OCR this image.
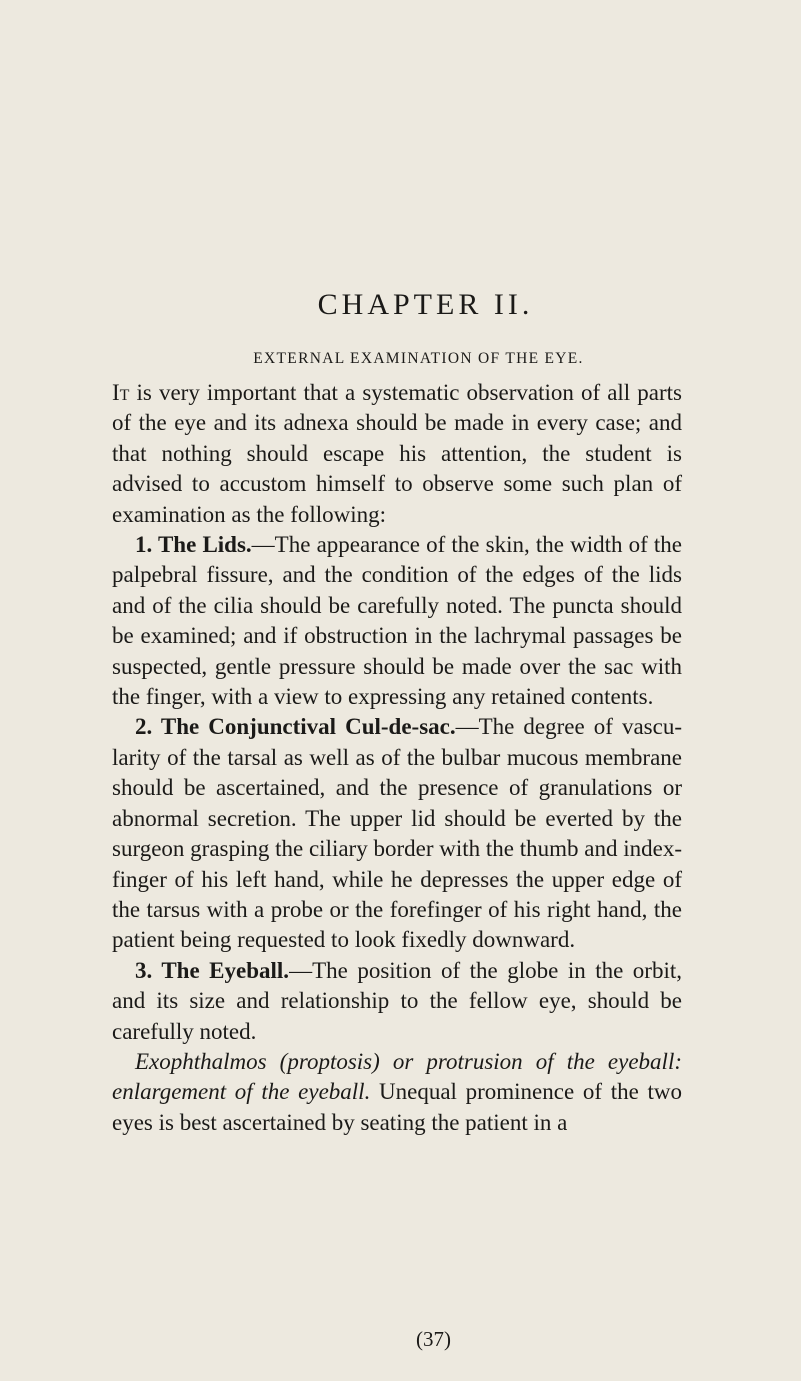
CHAPTER II.
EXTERNAL EXAMINATION OF THE EYE.

It is very important that a systematic observation of all parts of the eye and its adnexa should be made in every case; and that nothing should escape his attention, the student is advised to accustom himself to observe some such plan of examination as the following:

1. The Lids.—The appearance of the skin, the width of the palpebral fissure, and the condition of the edges of the lids and of the cilia should be carefully noted. The puncta should be examined; and if obstruction in the lachrymal passages be suspected, gentle pressure should be made over the sac with the finger, with a view to expressing any retained contents.

2. The Conjunctival Cul-de-sac.—The degree of vascularity of the tarsal as well as of the bulbar mucous membrane should be ascertained, and the presence of granulations or abnormal secretion. The upper lid should be everted by the surgeon grasping the ciliary border with the thumb and index-finger of his left hand, while he depresses the upper edge of the tarsus with a probe or the forefinger of his right hand, the patient being requested to look fixedly downward.

3. The Eyeball.—The position of the globe in the orbit, and its size and relationship to the fellow eye, should be carefully noted.

Exophthalmos (proptosis) or protrusion of the eyeball: enlargement of the eyeball. Unequal prominence of the two eyes is best ascertained by seating the patient in a

(37)
